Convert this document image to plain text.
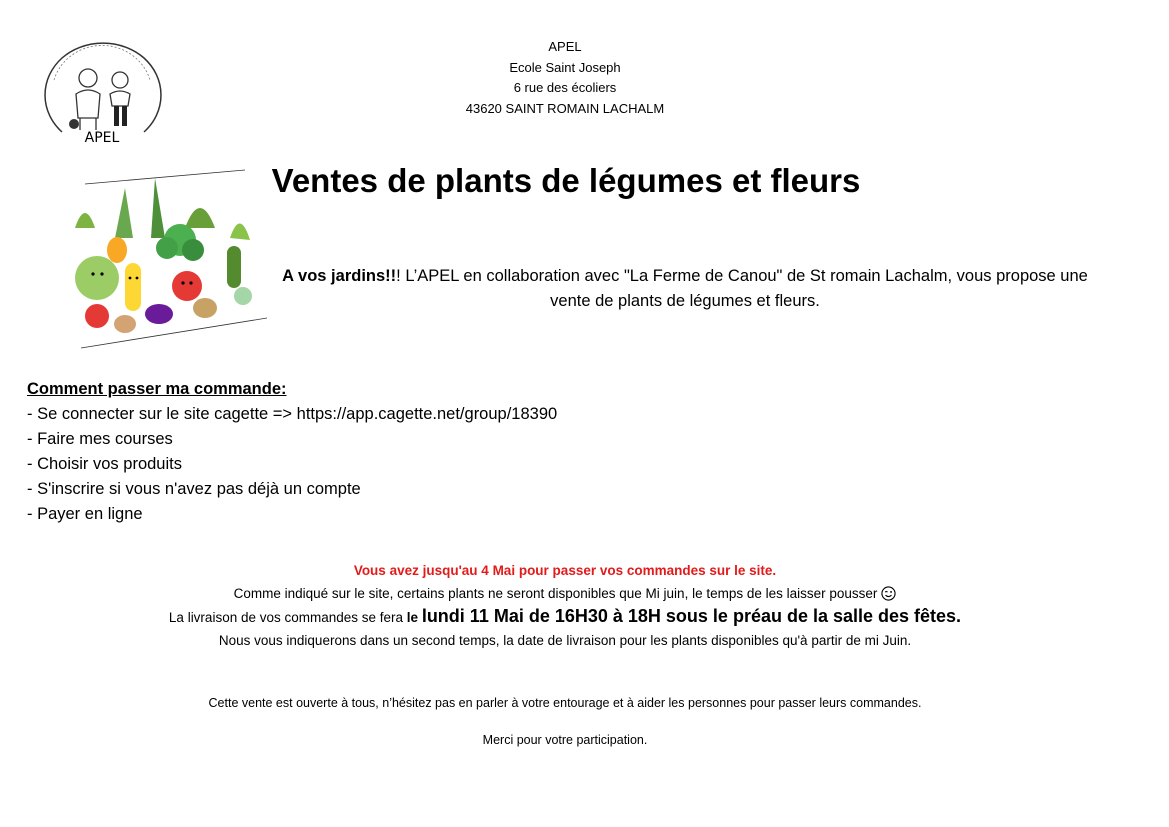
APEL
APEL
Ecole Saint Joseph
6 rue des écoliers
43620 SAINT ROMAIN LACHALM
Ventes de plants de légumes et fleurs
A vos jardins!!! L’APEL en collaboration avec "La Ferme de Canou" de St romain Lachalm, vous propose une vente de plants de légumes et fleurs.
Comment passer ma commande:
- Se connecter sur le site cagette => https://app.cagette.net/group/18390
- Faire mes courses
- Choisir vos produits
- S'inscrire si vous n'avez pas déjà un compte
- Payer en ligne
Vous avez jusqu'au 4 Mai pour passer vos commandes sur le site.
Comme indiqué sur le site, certains plants ne seront disponibles que Mi juin, le temps de les laisser pousser
La livraison de vos commandes se fera le lundi 11 Mai de 16H30 à 18H sous le préau de la salle des fêtes.
Nous vous indiquerons dans un second temps, la date de livraison pour les plants disponibles qu'à partir de mi Juin.
Cette vente est ouverte à tous, n’hésitez pas en parler à votre entourage et à aider les personnes pour passer leurs commandes.
Merci pour votre participation.
